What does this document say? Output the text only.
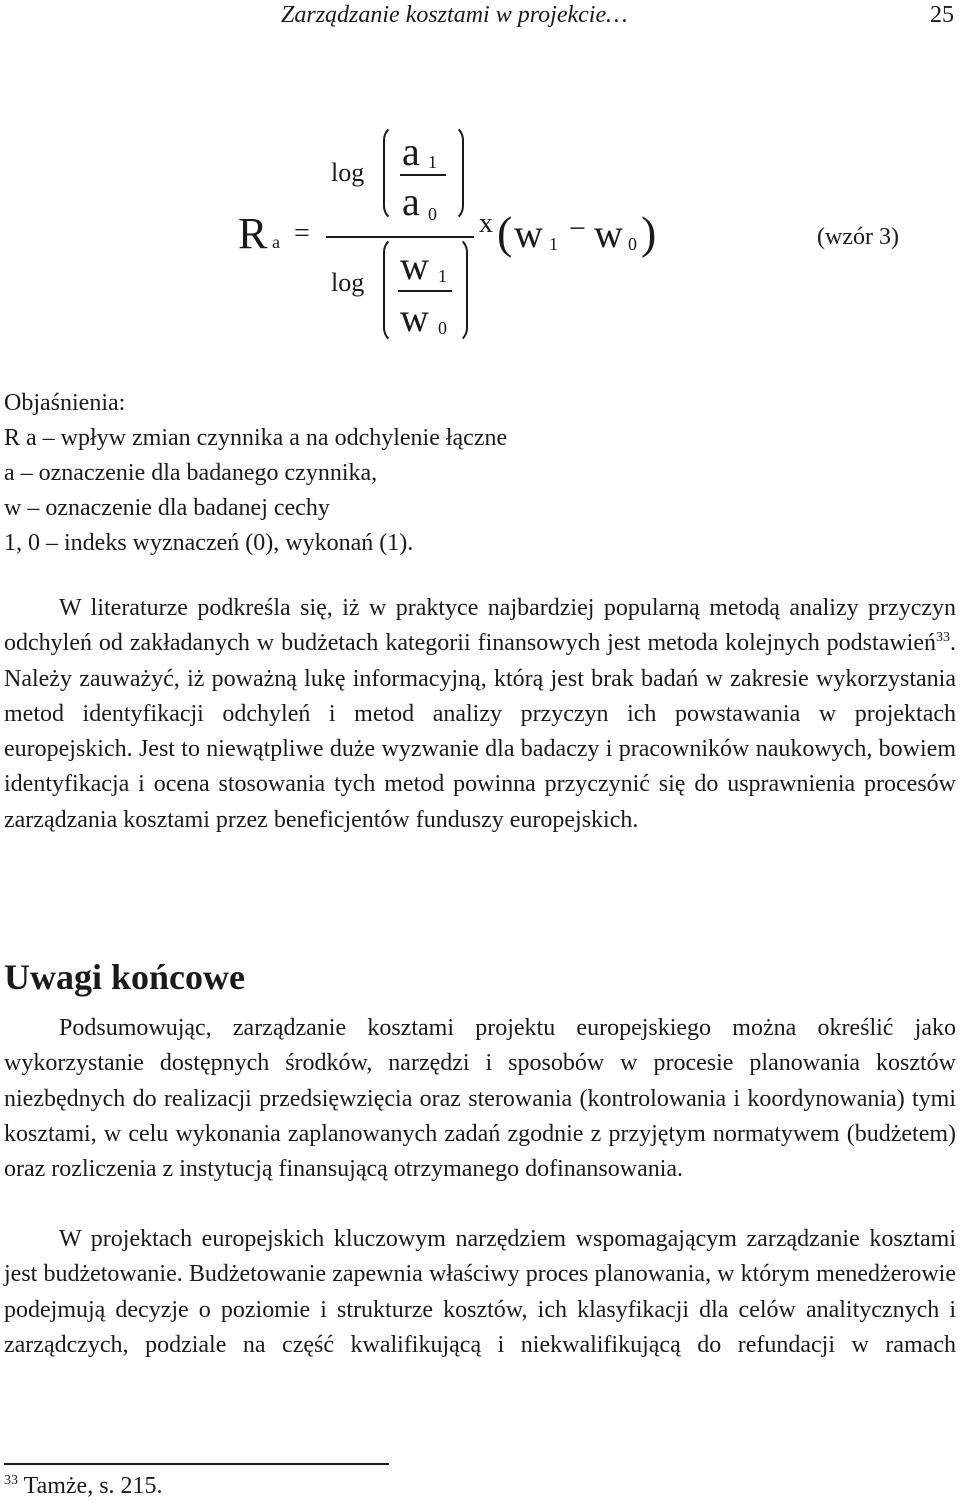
Zarządzanie kosztami w projekcie…	25
R a =
log a 1
a 0
log w 1
w 0
x ( w 1 − w 0 )	(wzór 3)
Objaśnienia:
R a – wpływ zmian czynnika a na odchylenie łączne
a – oznaczenie dla badanego czynnika,
w – oznaczenie dla badanej cechy
1, 0 – indeks wyznaczeń (0), wykonań (1).
W literaturze podkreśla się, iż w praktyce najbardziej popularną metodą analizy przyczyn odchyleń od zakładanych w budżetach kategorii finansowych jest metoda kolejnych podstawień$^{33}$. Należy zauważyć, iż poważną lukę informacyjną, którą jest brak badań w zakresie wykorzystania metod identyfikacji odchyleń i metod analizy przyczyn ich powstawania w projektach europejskich. Jest to niewątpliwe duże wyzwanie dla badaczy i pracowników naukowych, bowiem identyfikacja i ocena stosowania tych metod powinna przyczynić się do usprawnienia procesów zarządzania kosztami przez beneficjentów funduszy europejskich.
Uwagi końcowe
Podsumowując, zarządzanie kosztami projektu europejskiego można określić jako wykorzystanie dostępnych środków, narzędzi i sposobów w procesie planowania kosztów niezbędnych do realizacji przedsięwzięcia oraz sterowania (kontrolowania i koordynowania) tymi kosztami, w celu wykonania zaplanowanych zadań zgodnie z przyjętym normatywem (budżetem) oraz rozliczenia z instytucją finansującą otrzymanego dofinansowania.
W projektach europejskich kluczowym narzędziem wspomagającym zarządzanie kosztami jest budżetowanie. Budżetowanie zapewnia właściwy proces planowania, w którym menedżerowie podejmują decyzje o poziomie i strukturze kosztów, ich klasyfikacji dla celów analitycznych i zarządczych, podziale na część kwalifikującą i niekwalifikującą do refundacji w ramach
$^{33}$ Tamże, s. 215.
